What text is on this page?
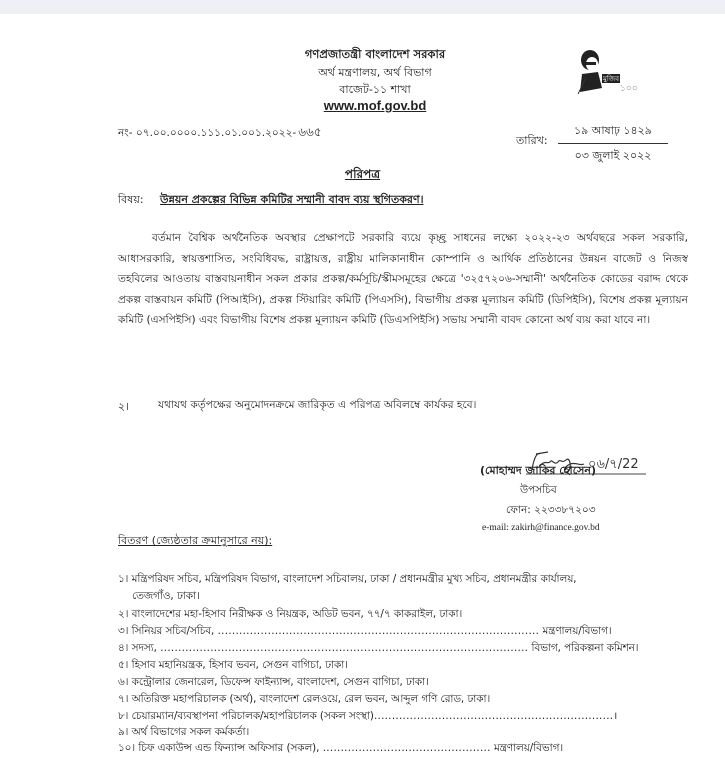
গণপ্রজাতন্ত্রী বাংলাদেশ সরকার
অর্থ মন্ত্রণালয়, অর্থ বিভাগ
বাজেট-১১ শাখা
www.mof.gov.bd
মুজিব
১০০
নং- ০৭.০০.০০০০.১১১.০১.০০১.২০২২- ৬৬৫
তারিখ:
১৯ আষাঢ় ১৪২৯
০৩ জুলাই ২০২২
পরিপত্র
বিষয়: উন্নয়ন প্রকল্পের বিভিন্ন কমিটির সম্মানী বাবদ ব্যয় স্থগিতকরণ।
বর্তমান বৈশ্বিক অর্থনৈতিক অবস্থার প্রেক্ষাপটে সরকারি ব্যয়ে কৃচ্ছ্র সাধনের লক্ষ্যে ২০২২-২৩ অর্থবছরে সকল সরকারি, আধাসরকারি, স্বায়ত্তশাসিত, সংবিধিবদ্ধ, রাষ্ট্রায়ত্ত, রাষ্ট্রীয় মালিকানাধীন কোম্পানি ও আর্থিক প্রতিষ্ঠানের উন্নয়ন বাজেট ও নিজস্ব তহবিলের আওতায় বাস্তবায়নাধীন সকল প্রকার প্রকল্প/কর্মসূচি/স্কীমসমূহের ক্ষেত্রে '৩২৫৭২০৬-সম্মানী' অর্থনৈতিক কোডের বরাদ্দ থেকে প্রকল্প বাস্তবায়ন কমিটি (পিআইসি), প্রকল্প স্টিয়ারিং কমিটি (পিএসসি), বিভাগীয় প্রকল্প মূল্যায়ন কমিটি (ডিপিইসি), বিশেষ প্রকল্প মূল্যায়ন কমিটি (এসপিইসি) এবং বিভাগীয় বিশেষ প্রকল্প মূল্যায়ন কমিটি (ডিএসপিইসি) সভায় সম্মানী বাবদ কোনো অর্থ ব্যয় করা যাবে না।
২।	যথাযথ কর্তৃপক্ষের অনুমোদনক্রমে জারিকৃত এ পরিপত্র অবিলম্বে কার্যকর হবে।
০৬/৭/22
(মোহাম্মদ জাকির হোসেন)
উপসচিব
ফোন: ২২৩৩৮৭২০৩
e-mail: zakirh@finance.gov.bd
বিতরণ (জ্যেষ্ঠতার ক্রমানুসারে নয়):
১। মন্ত্রিপরিষদ সচিব, মন্ত্রিপরিষদ বিভাগ, বাংলাদেশ সচিবালয়, ঢাকা / প্রধানমন্ত্রীর মুখ্য সচিব, প্রধানমন্ত্রীর কার্যালয়,
তেজগাঁও, ঢাকা।
২। বাংলাদেশের মহা-হিসাব নিরীক্ষক ও নিয়ন্ত্রক, অডিট ভবন, ৭৭/৭ কাকরাইল, ঢাকা।
৩। সিনিয়র সচিব/সচিব, .......................................................................................... মন্ত্রণালয়/বিভাগ।
৪। সদস্য, ....................................................................................................... বিভাগ, পরিকল্পনা কমিশন।
৫। হিসাব মহানিয়ন্ত্রক, হিসাব ভবন, সেগুন বাগিচা, ঢাকা।
৬। কন্ট্রোলার জেনারেল, ডিফেন্স ফাইন্যান্স, বাংলাদেশ, সেগুন বাগিচা, ঢাকা।
৭। অতিরিক্ত মহাপরিচালক (অর্থ), বাংলাদেশ রেলওয়ে, রেল ভবন, আব্দুল গণি রোড, ঢাকা।
৮। চেয়ারম্যান/ব্যবস্থাপনা পরিচালক/মহাপরিচালক (সকল সংস্থা)...................................................................।
৯। অর্থ বিভাগের সকল কর্মকর্তা।
১০। চিফ একাউন্স এন্ড ফিন্যান্স অফিসার (সকল), ............................................... মন্ত্রণালয়/বিভাগ।
